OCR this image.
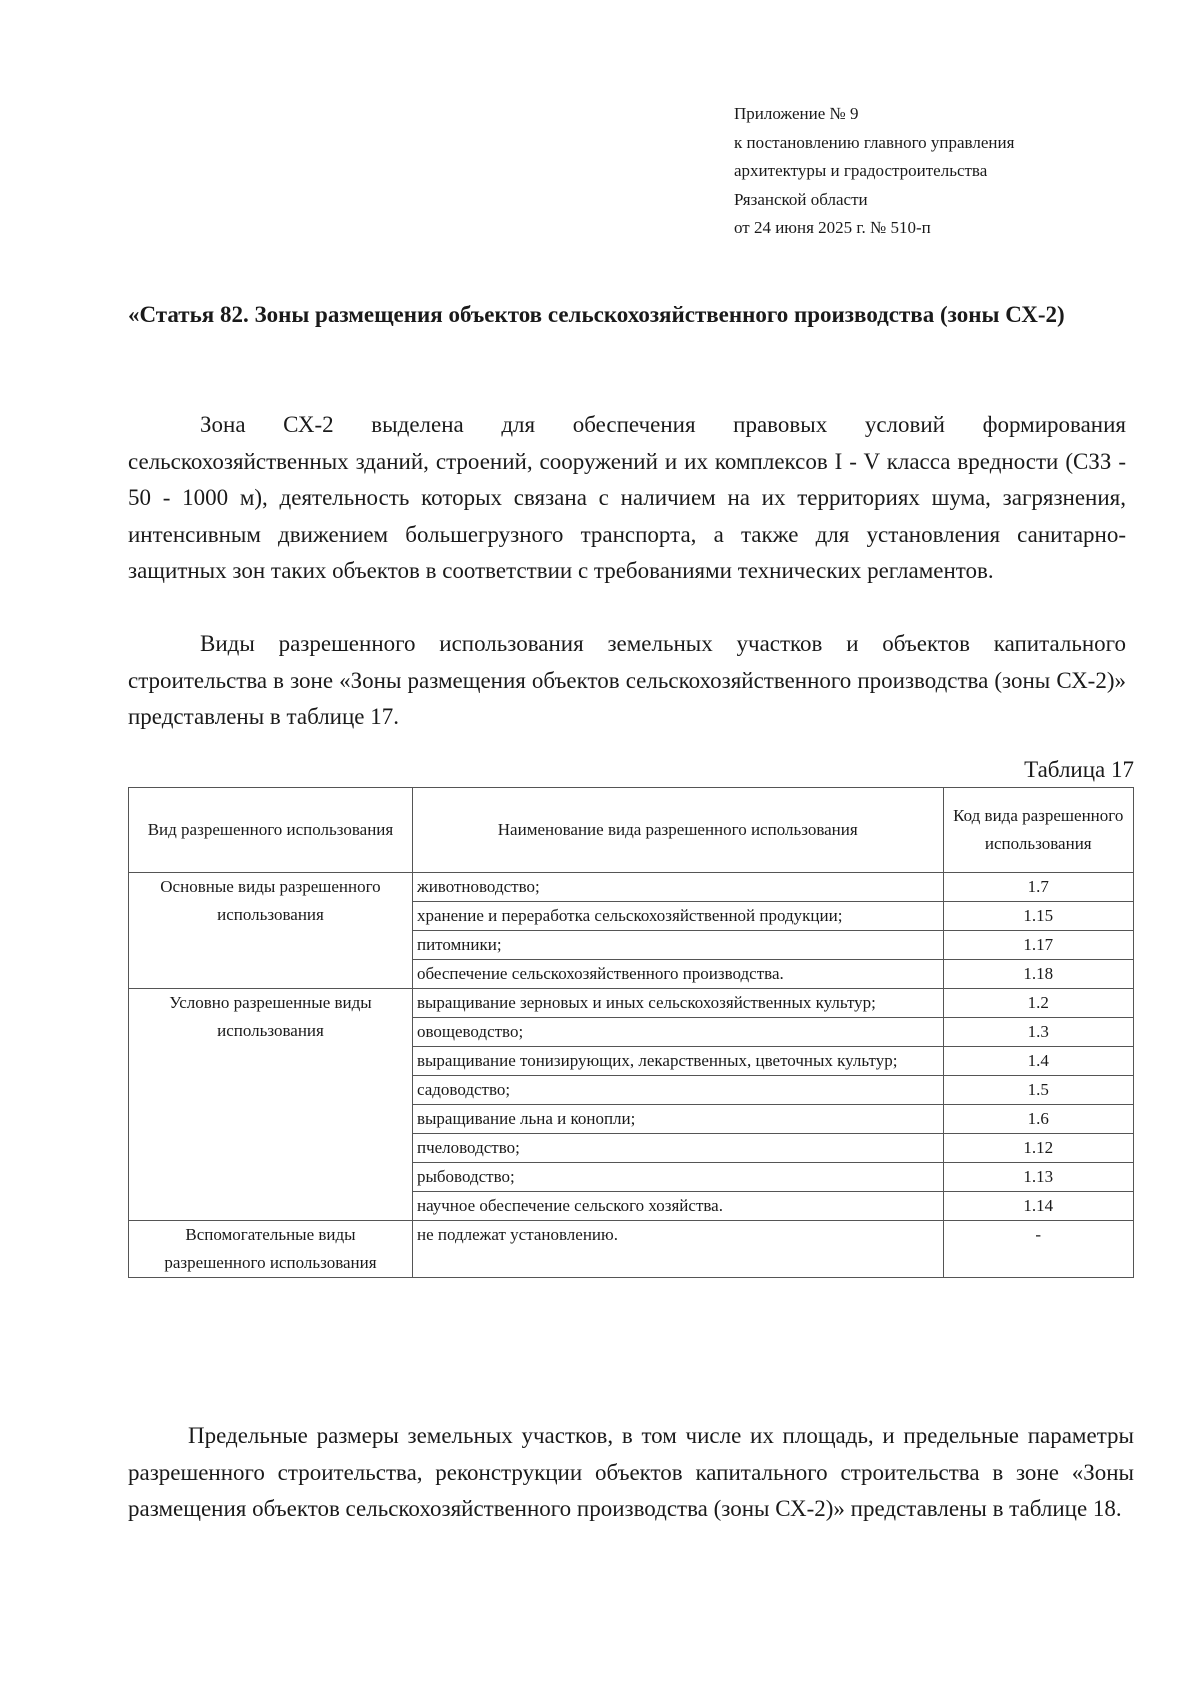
Приложение № 9
к постановлению главного управления
архитектуры и градостроительства
Рязанской области
от 24 июня 2025 г. № 510-п
«Статья 82. Зоны размещения объектов сельскохозяйственного производства (зоны СХ-2)

Зона СХ-2 выделена для обеспечения правовых условий формирования сельскохозяйственных зданий, строений, сооружений и их комплексов I - V класса вредности (СЗЗ - 50 - 1000 м), деятельность которых связана с наличием на их территориях шума, загрязнения, интенсивным движением большегрузного транспорта, а также для установления санитарно-защитных зон таких объектов в соответствии с требованиями технических регламентов.

Виды разрешенного использования земельных участков и объектов капитального строительства в зоне «Зоны размещения объектов сельскохозяйственного производства (зоны СХ-2)» представлены в таблице 17.

Таблица 17
Вид разрешенного использования	Наименование вида разрешенного использования	Код вида разрешенного использования
Основные виды разрешенного использования	животноводство;	1.7
	хранение и переработка сельскохозяйственной продукции;	1.15
	питомники;	1.17
	обеспечение сельскохозяйственного производства.	1.18
Условно разрешенные виды использования	выращивание зерновых и иных сельскохозяйственных культур;	1.2
	овощеводство;	1.3
	выращивание тонизирующих, лекарственных, цветочных культур;	1.4
	садоводство;	1.5
	выращивание льна и конопли;	1.6
	пчеловодство;	1.12
	рыбоводство;	1.13
	научное обеспечение сельского хозяйства.	1.14
Вспомогательные виды разрешенного использования	не подлежат установлению.	-

Предельные размеры земельных участков, в том числе их площадь, и предельные параметры разрешенного строительства, реконструкции объектов капитального строительства в зоне «Зоны размещения объектов сельскохозяйственного производства (зоны СХ-2)» представлены в таблице 18.
